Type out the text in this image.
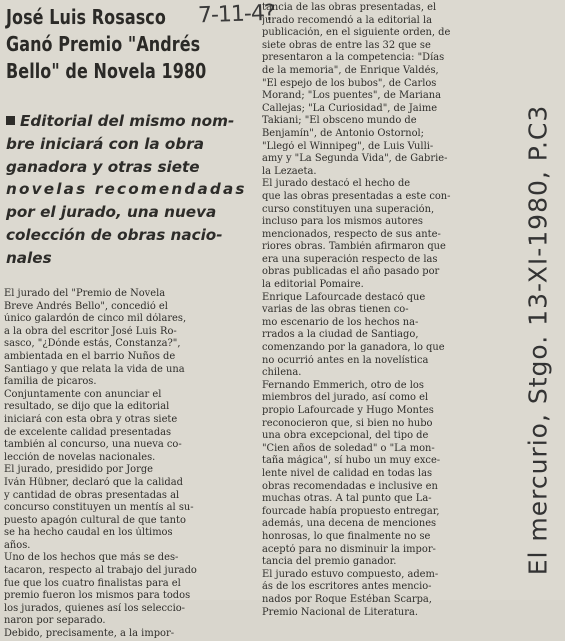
José Luis Rosasco
Ganó Premio "Andrés
Bello" de Novela 1980
7-11-4?
Editorial del mismo nom-
bre iniciará con la obra
ganadora y otras siete
novelas recomendadas
por el jurado, una nueva
colección de obras nacio-
nales
El jurado del "Premio de Novela
Breve Andrés Bello", concedió el
único galardón de cinco mil dólares,
a la obra del escritor José Luis Ro-
sasco, "¿Dónde estás, Constanza?",
ambientada en el barrio Ñuños de
Santiago y que relata la vida de una
familia de picaros.
Conjuntamente con anunciar el
resultado, se dijo que la editorial
iniciará con esta obra y otras siete
de excelente calidad presentadas
también al concurso, una nueva co-
lección de novelas nacionales.
El jurado, presidido por Jorge
Iván Hübner, declaró que la calidad
y cantidad de obras presentadas al
concurso constituyen un mentís al su-
puesto apagón cultural de que tanto
se ha hecho caudal en los últimos
años.
Uno de los hechos que más se des-
tacaron, respecto al trabajo del jurado
fue que los cuatro finalistas para el
premio fueron los mismos para todos
los jurados, quienes así los seleccio-
naron por separado.
Debido, precisamente, a la impor-
tancia de las obras presentadas, el
jurado recomendó a la editorial la
publicación, en el siguiente orden, de
siete obras de entre las 32 que se
presentaron a la competencia: "Días
de la memoria", de Enrique Valdés,
"El espejo de los bubos", de Carlos
Morand; "Los puentes", de Mariana
Callejas; "La Curiosidad", de Jaime
Takiani; "El obsceno mundo de
Benjamín", de Antonio Ostornol;
"Llegó el Winnipeg", de Luis Vulli-
amy y "La Segunda Vida", de Gabrie-
la Lezaeta.
El jurado destacó el hecho de
que las obras presentadas a este con-
curso constituyen una superación,
incluso para los mismos autores
mencionados, respecto de sus ante-
riores obras. También afirmaron que
era una superación respecto de las
obras publicadas el año pasado por
la editorial Pomaire.
Enrique Lafourcade destacó que
varias de las obras tienen co-
mo escenario de los hechos na-
rrados a la ciudad de Santiago,
comenzando por la ganadora, lo que
no ocurrió antes en la novelística
chilena.
Fernando Emmerich, otro de los
miembros del jurado, así como el
propio Lafourcade y Hugo Montes
reconocieron que, si bien no hubo
una obra excepcional, del tipo de
"Cien años de soledad" o "La mon-
taña mágica", sí hubo un muy exce-
lente nivel de calidad en todas las
obras recomendadas e inclusive en
muchas otras. A tal punto que La-
fourcade había propuesto entregar,
además, una decena de menciones
honrosas, lo que finalmente no se
aceptó para no disminuir la impor-
tancia del premio ganador.
El jurado estuvo compuesto, adem-
ás de los escritores antes mencio-
nados por Roque Estéban Scarpa,
Premio Nacional de Literatura.
El mercurio, Stgo. 13-XI-1980, P.C3
